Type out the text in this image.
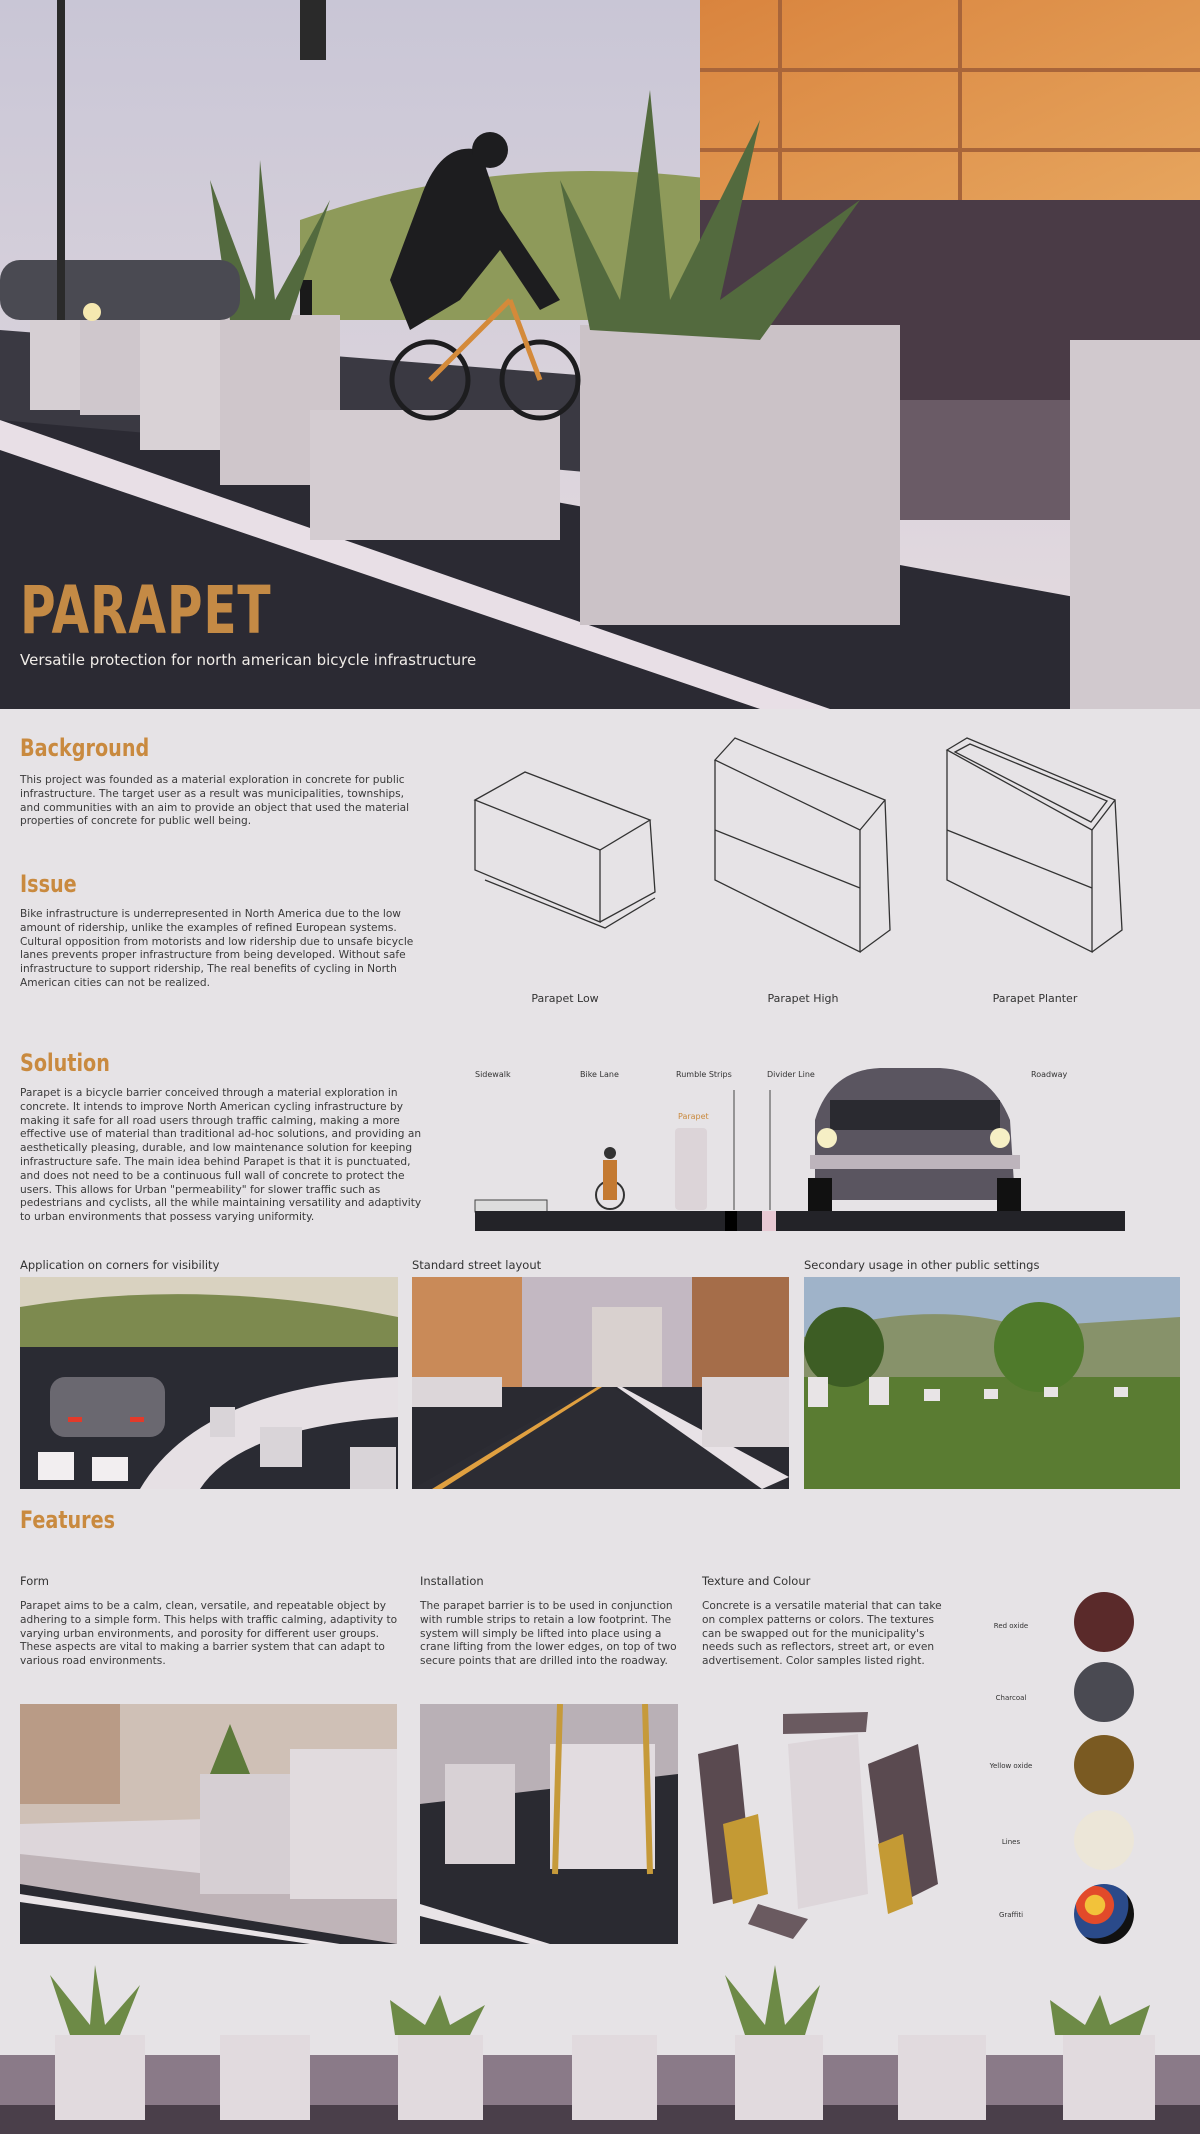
PARAPET
Versatile protection for north american bicycle infrastructure
Background
This project was founded as a material exploration in concrete for public infrastructure. The target user as a result was municipalities, townships, and communities with an aim to provide an object that used the material properties of concrete for public well being.
Issue
Bike infrastructure is underrepresented in North America due to the low amount of ridership, unlike the examples of refined European systems. Cultural opposition from motorists and low ridership due to unsafe bicycle lanes prevents proper infrastructure from being developed. Without safe infrastructure to support ridership, The real benefits of cycling in North American cities can not be realized.
Parapet Low	Parapet High	Parapet Planter
Solution
Parapet is a bicycle barrier conceived through a material exploration in concrete. It intends to improve North American cycling infrastructure by making it safe for all road users through traffic calming, making a more effective use of material than traditional ad-hoc solutions, and providing an aesthetically pleasing, durable, and low maintenance solution for keeping infrastructure safe. The main idea behind Parapet is that it is punctuated, and does not need to be a continuous full wall of concrete to protect the users. This allows for Urban "permeability" for slower traffic such as pedestrians and cyclists, all the while maintaining versatility and adaptivity to urban environments that possess varying uniformity.
Sidewalk	Bike Lane	Rumble Strips	Divider Line	Roadway
Parapet
Application on corners for visibility	Standard street layout	Secondary usage in other public settings
Features
Form
Parapet aims to be a calm, clean, versatile, and repeatable object by adhering to a simple form. This helps with traffic calming, adaptivity to varying urban environments, and porosity for different user groups. These aspects are vital to making a barrier system that can adapt to various road environments.
Installation
The parapet barrier is to be used in conjunction with rumble strips to retain a low footprint. The system will simply be lifted into place using a crane lifting from the lower edges, on top of two secure points that are drilled into the roadway.
Texture and Colour
Concrete is a versatile material that can take on complex patterns or colors. The textures can be swapped out for the municipality's needs such as reflectors, street art, or even advertisement. Color samples listed right.
Red oxide
Charcoal
Yellow oxide
Lines
Graffiti
